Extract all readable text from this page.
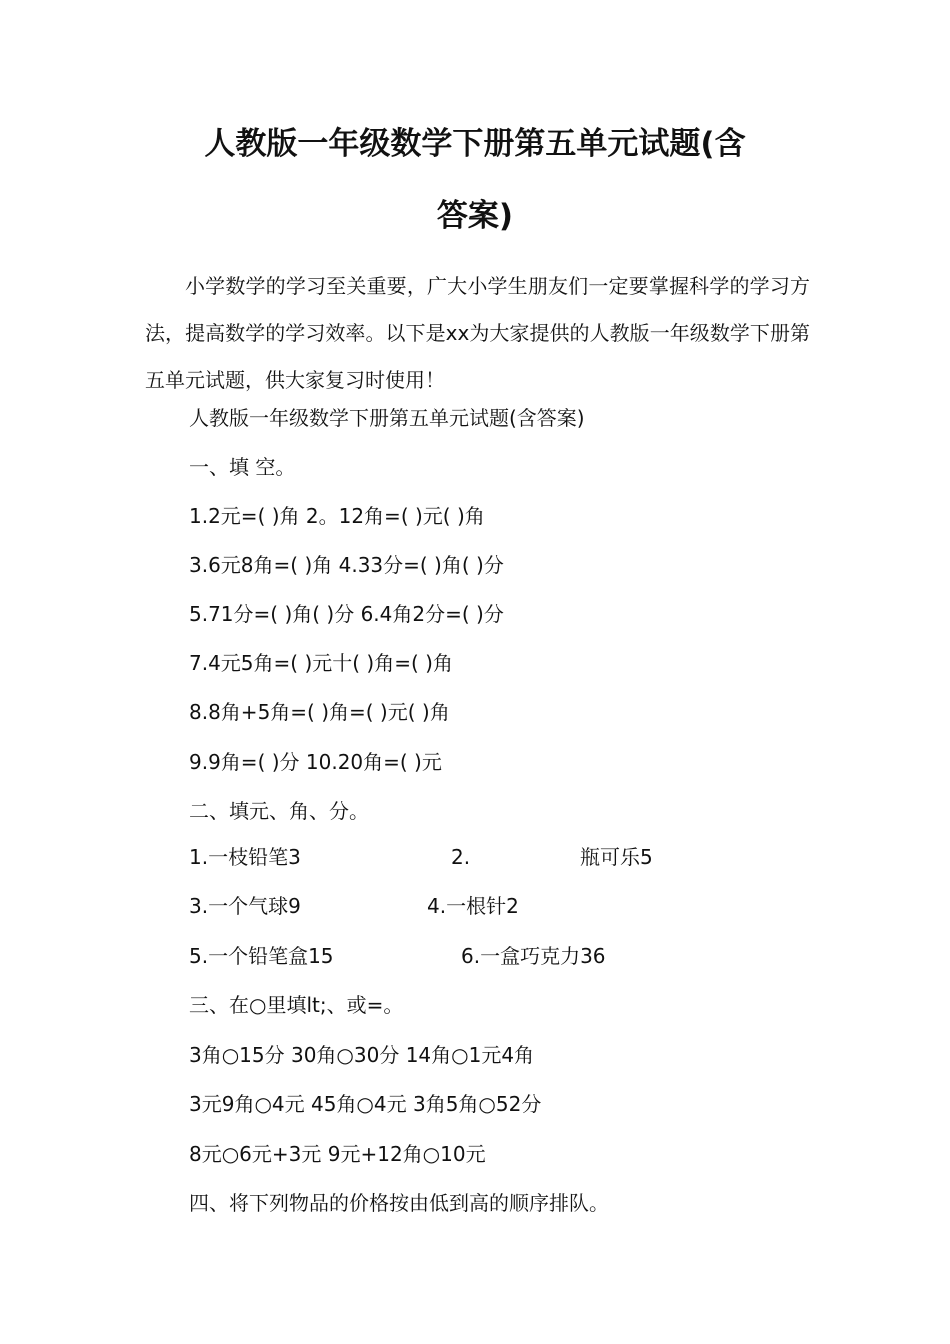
人教版一年级数学下册第五单元试题(含
答案)

小学数学的学习至关重要，广大小学生朋友们一定要掌握科学的学习方法，提高数学的学习效率。以下是xx为大家提供的人教版一年级数学下册第五单元试题，供大家复习时使用！

人教版一年级数学下册第五单元试题(含答案)

一、填 空。

1.2元=( )角 2。12角=( )元( )角

3.6元8角=( )角 4.33分=( )角( )分

5.71分=( )角( )分 6.4角2分=( )分

7.4元5角=( )元十( )角=( )角

8.8角+5角=( )角=( )元( )角

9.9角=( )分 10.20角=( )元

二、填元、角、分。

1.一枝铅笔3	2.	瓶可乐5

3.一个气球9	4.一根针2

5.一个铅笔盒15	6.一盒巧克力36

三、在○里填lt;、或=。

3角○15分 30角○30分 14角○1元4角

3元9角○4元 45角○4元 3角5角○52分

8元○6元+3元 9元+12角○10元

四、将下列物品的价格按由低到高的顺序排队。
